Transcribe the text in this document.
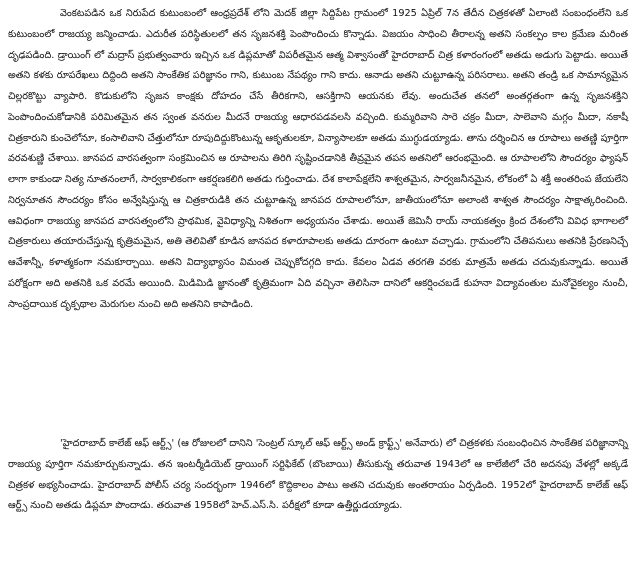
వెంకటపడిన ఒక నిరుపేద కుటుంబంలో ఆంధ్రప్రదేశ్ లోని మెదక్ జిల్లా సిద్దిపేట గ్రామంలో 1925 ఏప్రిల్ 7న తేదీన చిత్రకళతో ఏలాంటి సంబంధంలేని ఒక కుటుంబంలో రాజయ్య జన్మించాడు. ఎదురీత పరిస్థితులలో తన సృజనశక్తి పెంపొందించు కొన్నాడు. విజయం సాధించి తీరాలన్న అతని సంకల్పం కాల క్రమేణ మరింత దృఢపడింది. డ్రాయింగ్ లో మద్రాస్ ప్రభుత్వంవారు ఇచ్చిన ఒక డిప్లమాతో విపరీతమైన ఆత్మ విశ్వాసంతో హైదరాబాద్ చిత్ర కళారంగంలో అతడు అడుగు పెట్టాడు. అయితే అతని కళకు రూపరేఖలు దిద్దింది అతని సాంకేతిక పరిజ్ఞానం గాని, కుటుంబ నేపథ్యం గాని కాదు. ఆనాడు అతని చుట్టూఉన్న పరిసరాలు. అతని తండ్రి ఒక సామాన్యమైన చిల్లరకొట్టు వ్యాపారి. కొడుకులోని సృజన కాంక్షకు దోహదం చేసే తీరికగాని, ఆసక్తిగాని ఆయనకు లేవు. అందుచేత తనలో అంతర్గతంగా ఉన్న సృజనశక్తిని పెంపొందించుకోడానికి పరిమితమైన తన స్వంత వనరుల మీదనే రాజయ్య ఆధారపడవలసి వచ్చింది. కుమ్మరివాని సారె చక్రం మీదా, సాలెవాని మగ్గం మీదా, నకాషీ చిత్రకారుని కుంచెలోనూ, కంసాలివాని చేత్తులోనూ రూపుదిద్దుకొంటున్న ఆకృతులకూ, విన్యాసాలకూ అతడు ముగ్ధుడయ్యాడు. తాను దర్శించిన ఆ రూపాలు అతణ్ణి పూర్తిగా వరవశుణ్ణి చేశాయి. జానపద వారసత్వంగా సంక్రమించిన ఆ రూపాలను తిరిగి సృష్టించడానికి తీవ్రమైన తపన అతనిలో ఆరంభమైంది. ఆ రూపాలలోని సౌందర్యం ఫ్యాషన్ లాగా కాకుండా నిత్య నూతనంలాగే, సార్వకాలికంగా ఆకర్షణకలిగి అతడు గుర్తించాడు. దేశ కాలాపేక్షలేని శాశ్వతమైన, సార్వజనీనమైన, లోకంలో ఏ శక్తీ అంతరింప జేయలేని నిర్వనూతన సౌందర్యం కోసం అన్వేషిస్తున్న ఆ చిత్రకారుడికి తన చుట్టూఉన్న జానపద రూపాలలోనూ, జాతీయంలోనూ అలాంటి శాశ్వత సౌందర్యం సాక్షాత్కరించింది. ఆవిధంగా రాజయ్య జానపద వారసత్వంలోని ప్రాథమిక, వైవిధ్యాన్ని నిశితంగా అధ్యయనం చేశాడు. అయితే జెమినీ రాయ్ నాయకత్వం క్రింద దేశంలోని వివిధ భాగాలలో చిత్రకారులు తయారుచేస్తున్న కృత్రిమమైన, అతి తెలివితో కూడిన జానపద కళారూపాలకు అతడు దూరంగా ఉంటూ వచ్చాడు. గ్రామంలోని చేతిపనులు అతనికి ప్రేరణనిచ్చే ఆవేశాన్నీ, కళాత్మకంగా నమకూర్చాయి. అతని విద్యాభ్యాసం విమంత చెప్పుకోదగ్గది కాదు. కేవలం ఏడవ తరగతి వరకు మాత్రమే అతడు చదువుకున్నాడు. అయితే పరోక్షంగా అది అతనికి ఒక వరమే అయింది. మిడిమిడి జ్ఞానంతో కృత్రిమంగా ఏది వచ్చినా తెలిసినా దానిలో ఆకర్షించబడే కుహనా విద్యావంతుల మనోవైకల్యం నుంచీ, సాంప్రదాయిక దృక్పథాల మెరుగుల నుంచి అది అతనిని కాపాడింది.

'హైదరాబాద్ కాలేజ్ ఆఫ్ ఆర్ట్స్' (ఆ రోజులలో దానిని 'సెంట్రల్ స్కూల్ ఆఫ్ ఆర్ట్స్ అండ్ క్రాఫ్ట్స్' అనేవారు) లో చిత్రకళకు సంబంధించిన సాంకేతిక పరిజ్ఞానాన్ని రాజయ్య పూర్తిగా నమకూర్చుకున్నాడు. తన ఇంటర్మీడియెట్ డ్రాయింగ్ సర్టిఫికేట్ (బొంబాయి) తీసుకున్న తరువాత 1943లో ఆ కాలేజీలో చేరి అదనపు వేళల్లో అక్కడే చిత్రకళ అభ్యసించాడు. హైదరాబాద్ పోలీస్ చర్య సందర్భంగా 1946లో కొద్దికాలం పాటు అతని చదువుకు అంతరాయం ఏర్పడింది. 1952లో హైదరాబాద్ కాలేజ్ ఆఫ్ ఆర్ట్స్ నుంచి అతడు డిప్లమా పొందాడు. తరువాత 1958లో హెచ్.ఎస్.సి. పరీక్షలో కూడా ఉత్తీర్ణుడయ్యాడు.
